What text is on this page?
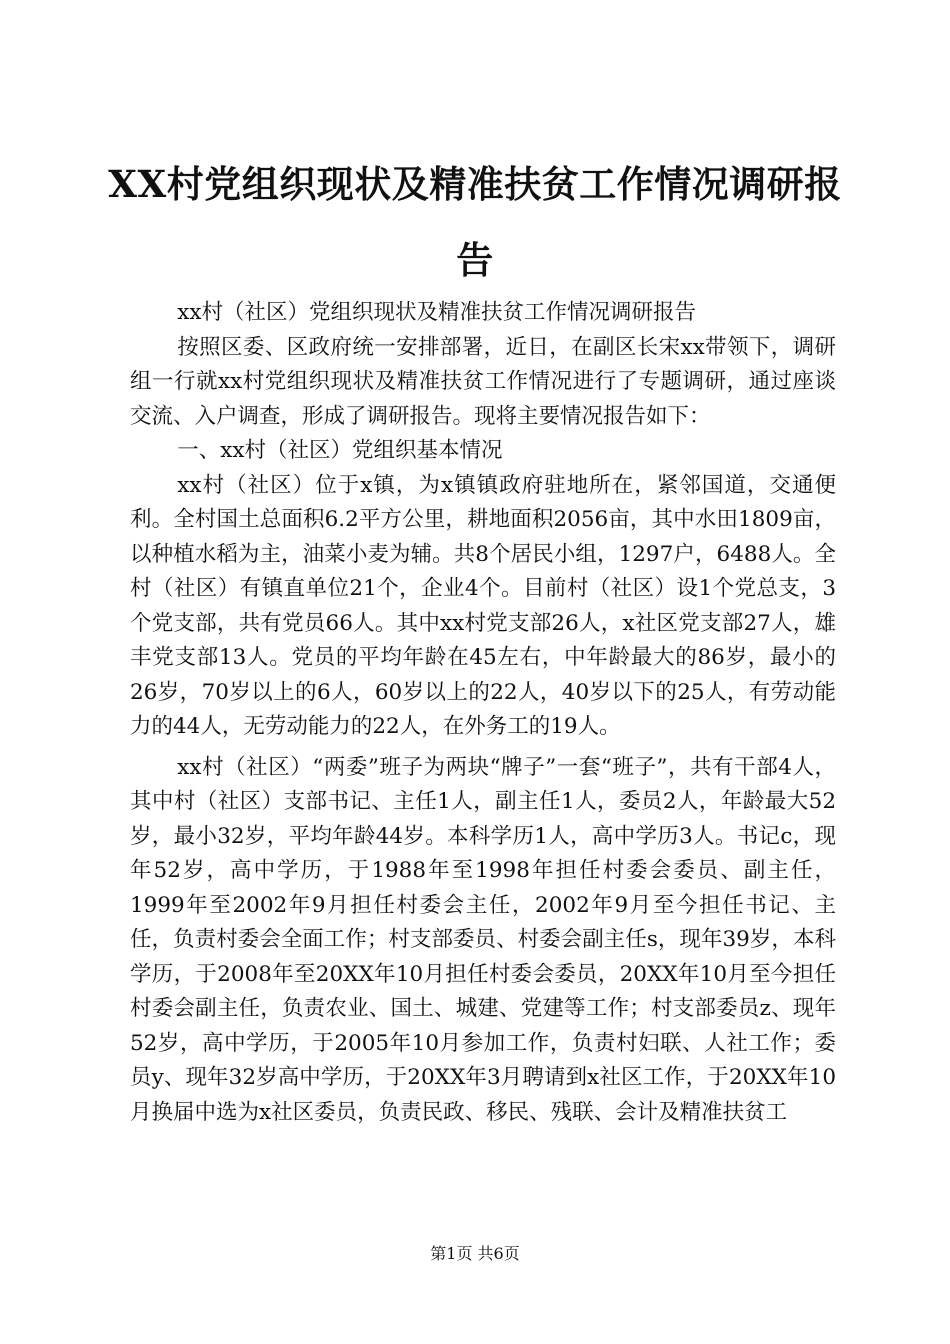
XX村党组织现状及精准扶贫工作情况调研报
告

xx村（社区）党组织现状及精准扶贫工作情况调研报告

按照区委、区政府统一安排部署，近日，在副区长宋xx带领下，调研组一行就xx村党组织现状及精准扶贫工作情况进行了专题调研，通过座谈交流、入户调查，形成了调研报告。现将主要情况报告如下：

一、xx村（社区）党组织基本情况

xx村（社区）位于x镇，为x镇镇政府驻地所在，紧邻国道，交通便利。全村国土总面积6.2平方公里，耕地面积2056亩，其中水田1809亩，以种植水稻为主，油菜小麦为辅。共8个居民小组，1297户，6488人。全村（社区）有镇直单位21个，企业4个。目前村（社区）设1个党总支，3个党支部，共有党员66人。其中xx村党支部26人，x社区党支部27人，雄丰党支部13人。党员的平均年龄在45左右，中年龄最大的86岁，最小的26岁，70岁以上的6人，60岁以上的22人，40岁以下的25人，有劳动能力的44人，无劳动能力的22人，在外务工的19人。

xx村（社区）“两委”班子为两块“牌子”一套“班子”，共有干部4人，其中村（社区）支部书记、主任1人，副主任1人，委员2人，年龄最大52岁，最小32岁，平均年龄44岁。本科学历1人，高中学历3人。书记c，现年52岁，高中学历，于1988年至1998年担任村委会委员、副主任，1999年至2002年9月担任村委会主任，2002年9月至今担任书记、主任，负责村委会全面工作；村支部委员、村委会副主任s，现年39岁，本科学历，于2008年至20XX年10月担任村委会委员，20XX年10月至今担任村委会副主任，负责农业、国土、城建、党建等工作；村支部委员z、现年52岁，高中学历，于2005年10月参加工作，负责村妇联、人社工作；委员y、现年32岁高中学历，于20XX年3月聘请到x社区工作，于20XX年10月换届中选为x社区委员，负责民政、移民、残联、会计及精准扶贫工

第1页 共6页
